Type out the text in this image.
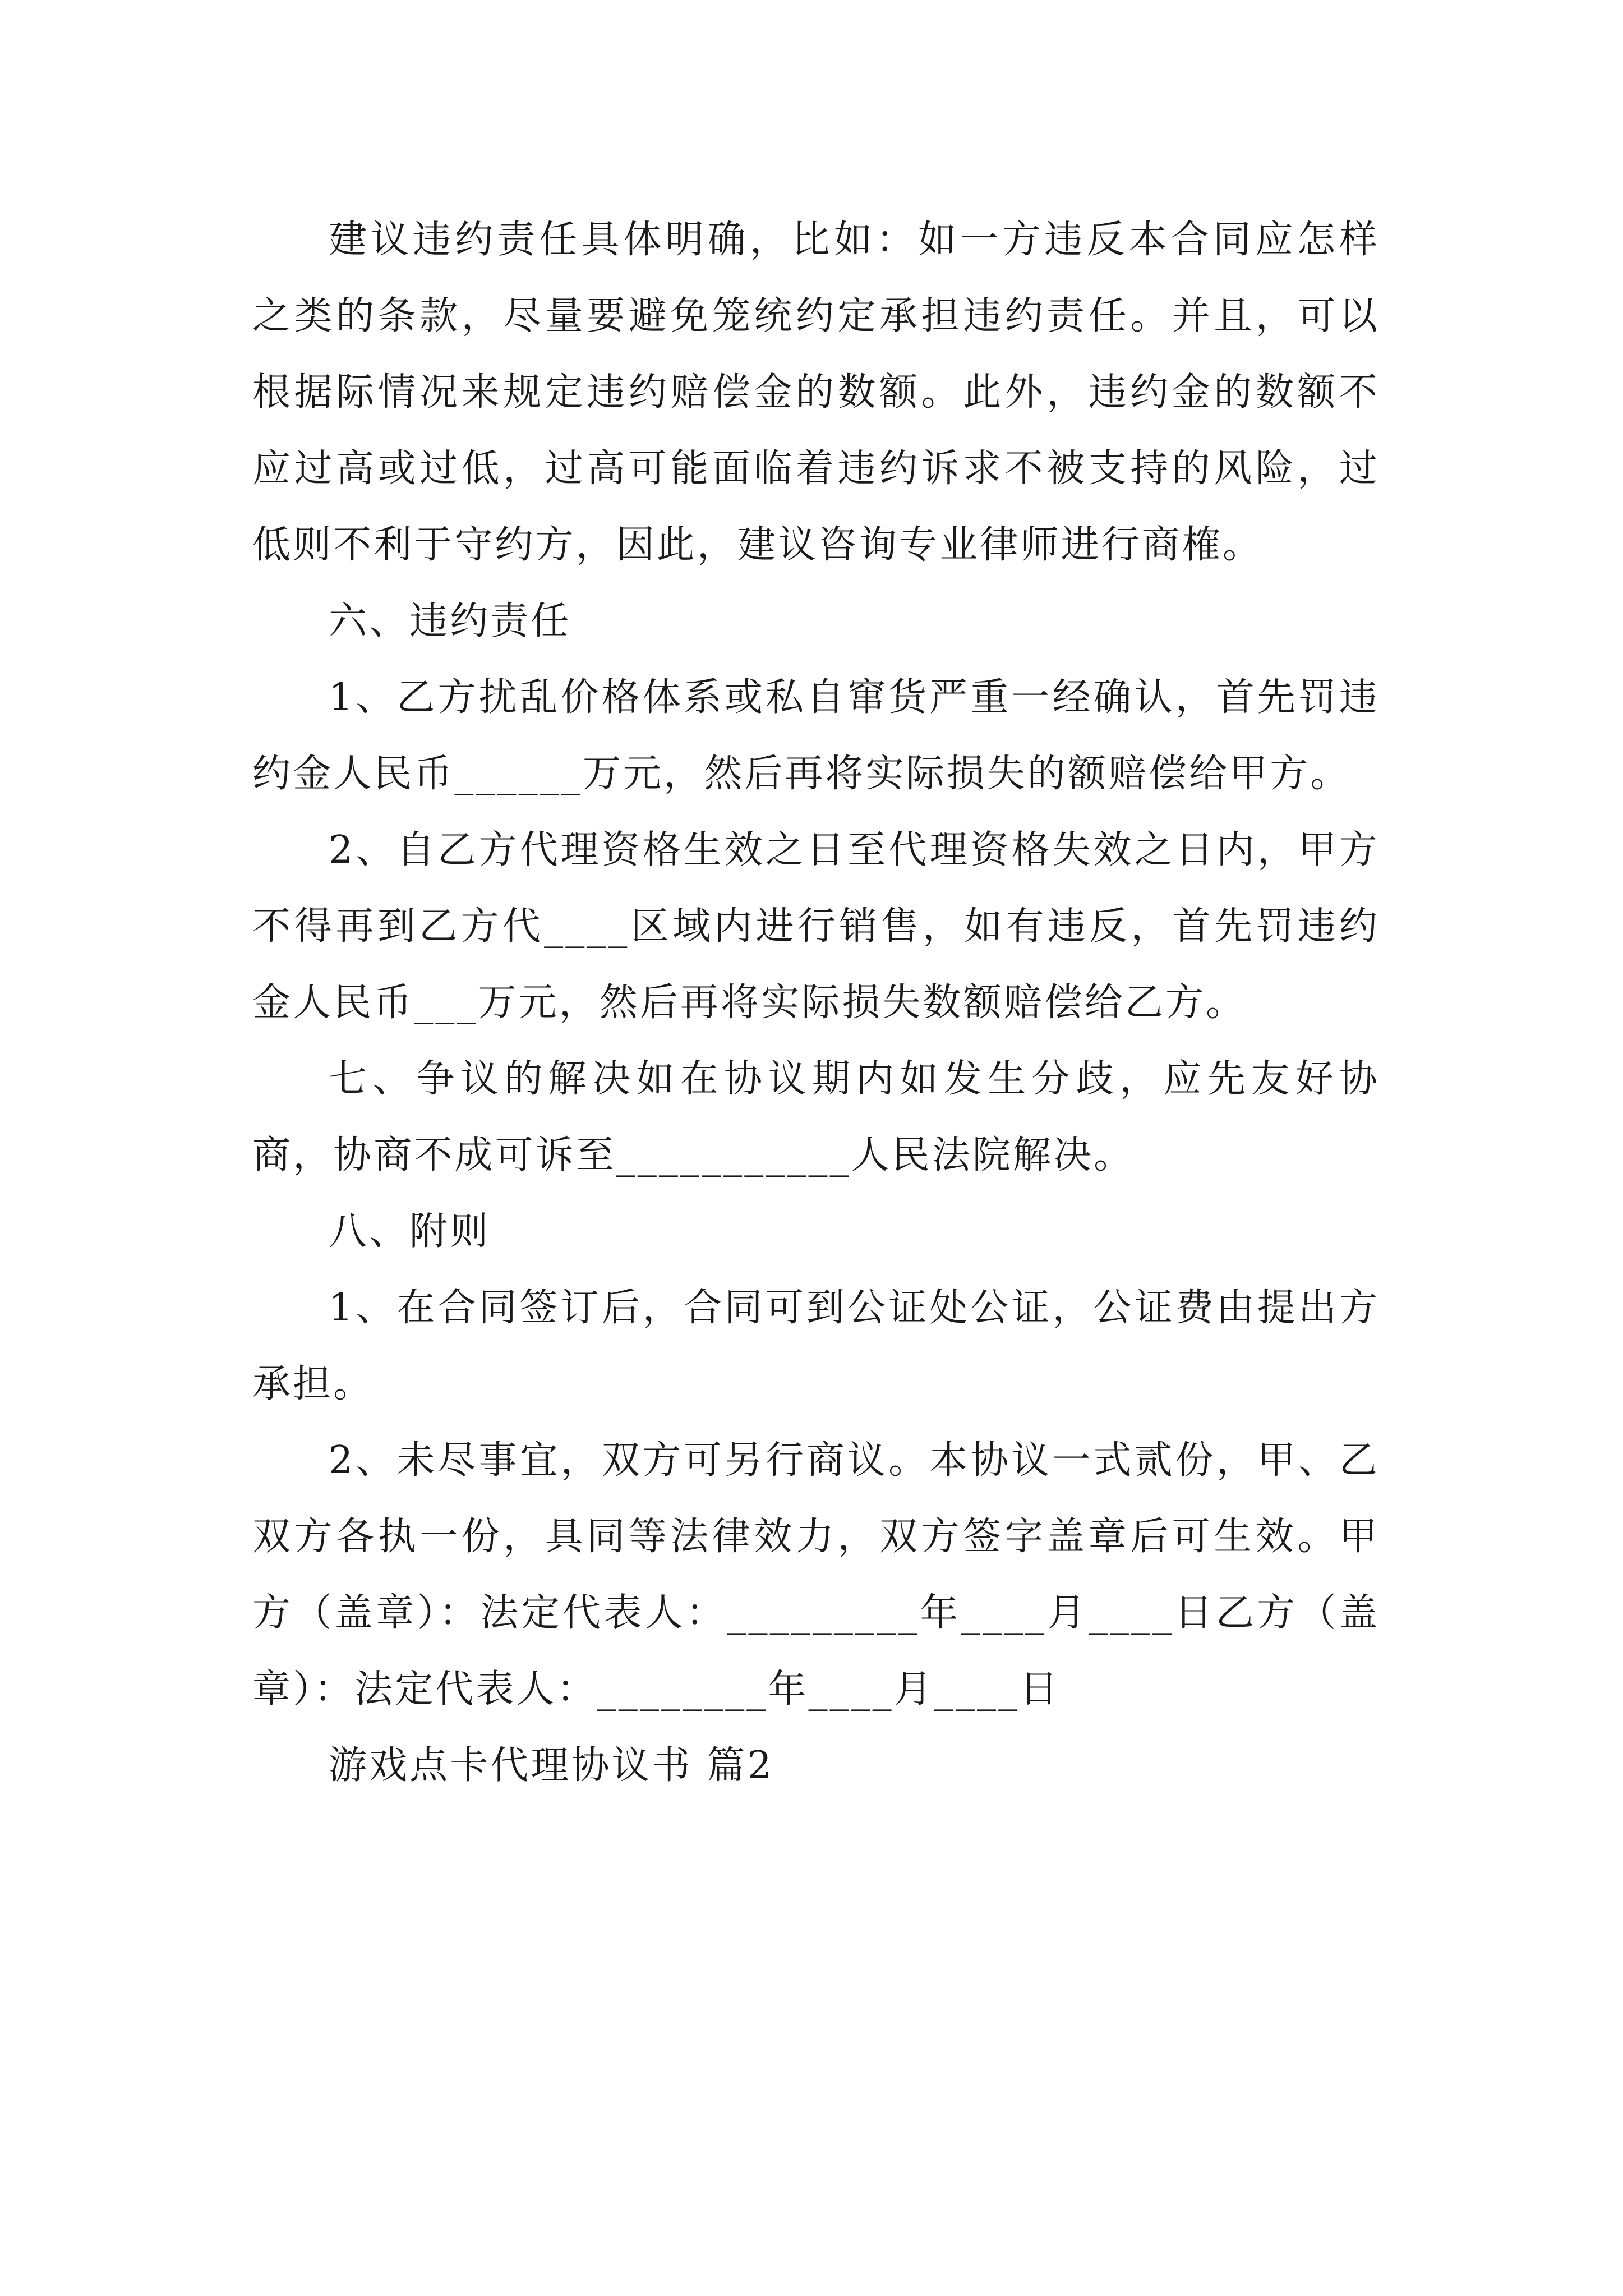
建议违约责任具体明确，比如：如一方违反本合同应怎样之类的条款，尽量要避免笼统约定承担违约责任。并且，可以根据际情况来规定违约赔偿金的数额。此外，违约金的数额不应过高或过低，过高可能面临着违约诉求不被支持的风险，过低则不利于守约方，因此，建议咨询专业律师进行商榷。

六、违约责任

1、乙方扰乱价格体系或私自窜货严重一经确认，首先罚违约金人民币______万元，然后再将实际损失的额赔偿给甲方。

2、自乙方代理资格生效之日至代理资格失效之日内，甲方不得再到乙方代____区域内进行销售，如有违反，首先罚违约金人民币___万元，然后再将实际损失数额赔偿给乙方。

七、争议的解决如在协议期内如发生分歧，应先友好协商，协商不成可诉至___________人民法院解决。

八、附则

1、在合同签订后，合同可到公证处公证，公证费由提出方承担。

2、未尽事宜，双方可另行商议。本协议一式贰份，甲、乙双方各执一份，具同等法律效力，双方签字盖章后可生效。甲方（盖章）：法定代表人：_________年____月____日乙方（盖章）：法定代表人：________年____月____日

游戏点卡代理协议书 篇2
